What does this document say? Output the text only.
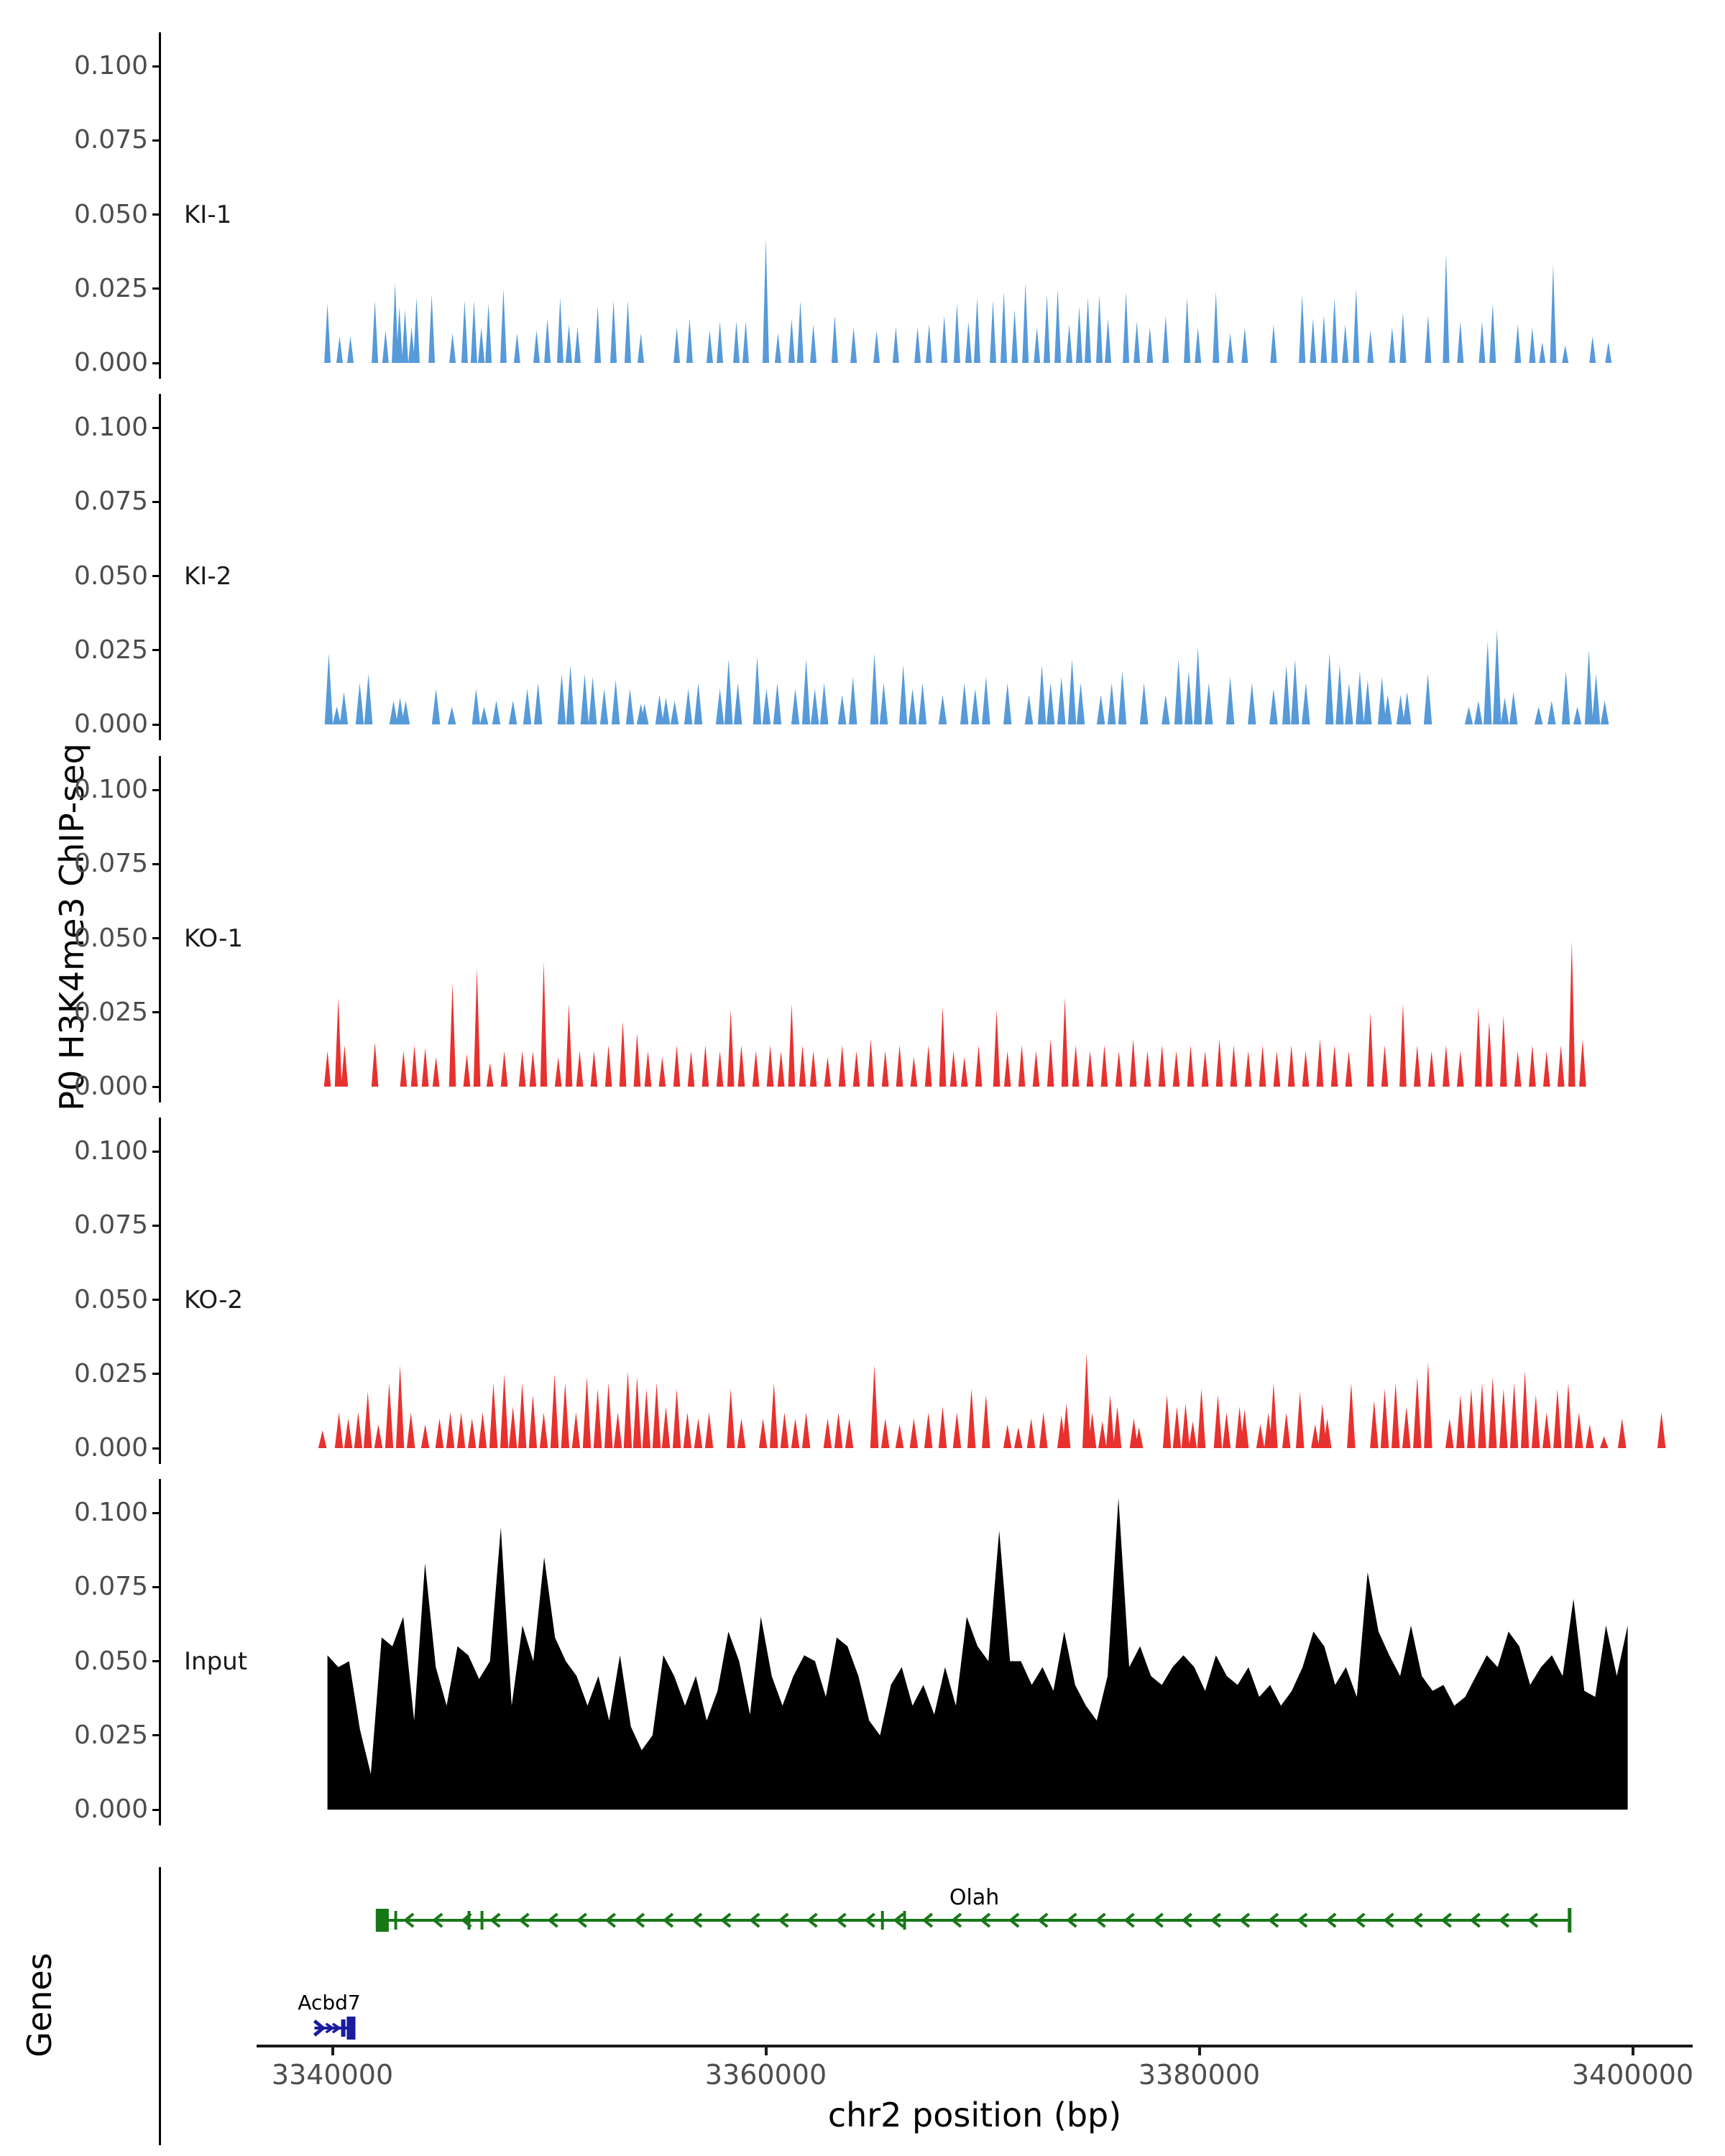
P0 H3K4me3 ChIP-seq
Genes
0.000
0.025
0.050
0.075
0.100
KI-1
0.000
0.025
0.050
0.075
0.100
KI-2
0.000
0.025
0.050
0.075
0.100
KO-1
0.000
0.025
0.050
0.075
0.100
KO-2
0.000
0.025
0.050
0.075
0.100
Input
Olah
Acbd7
3340000	3360000	3380000	3400000
chr2 position (bp)
